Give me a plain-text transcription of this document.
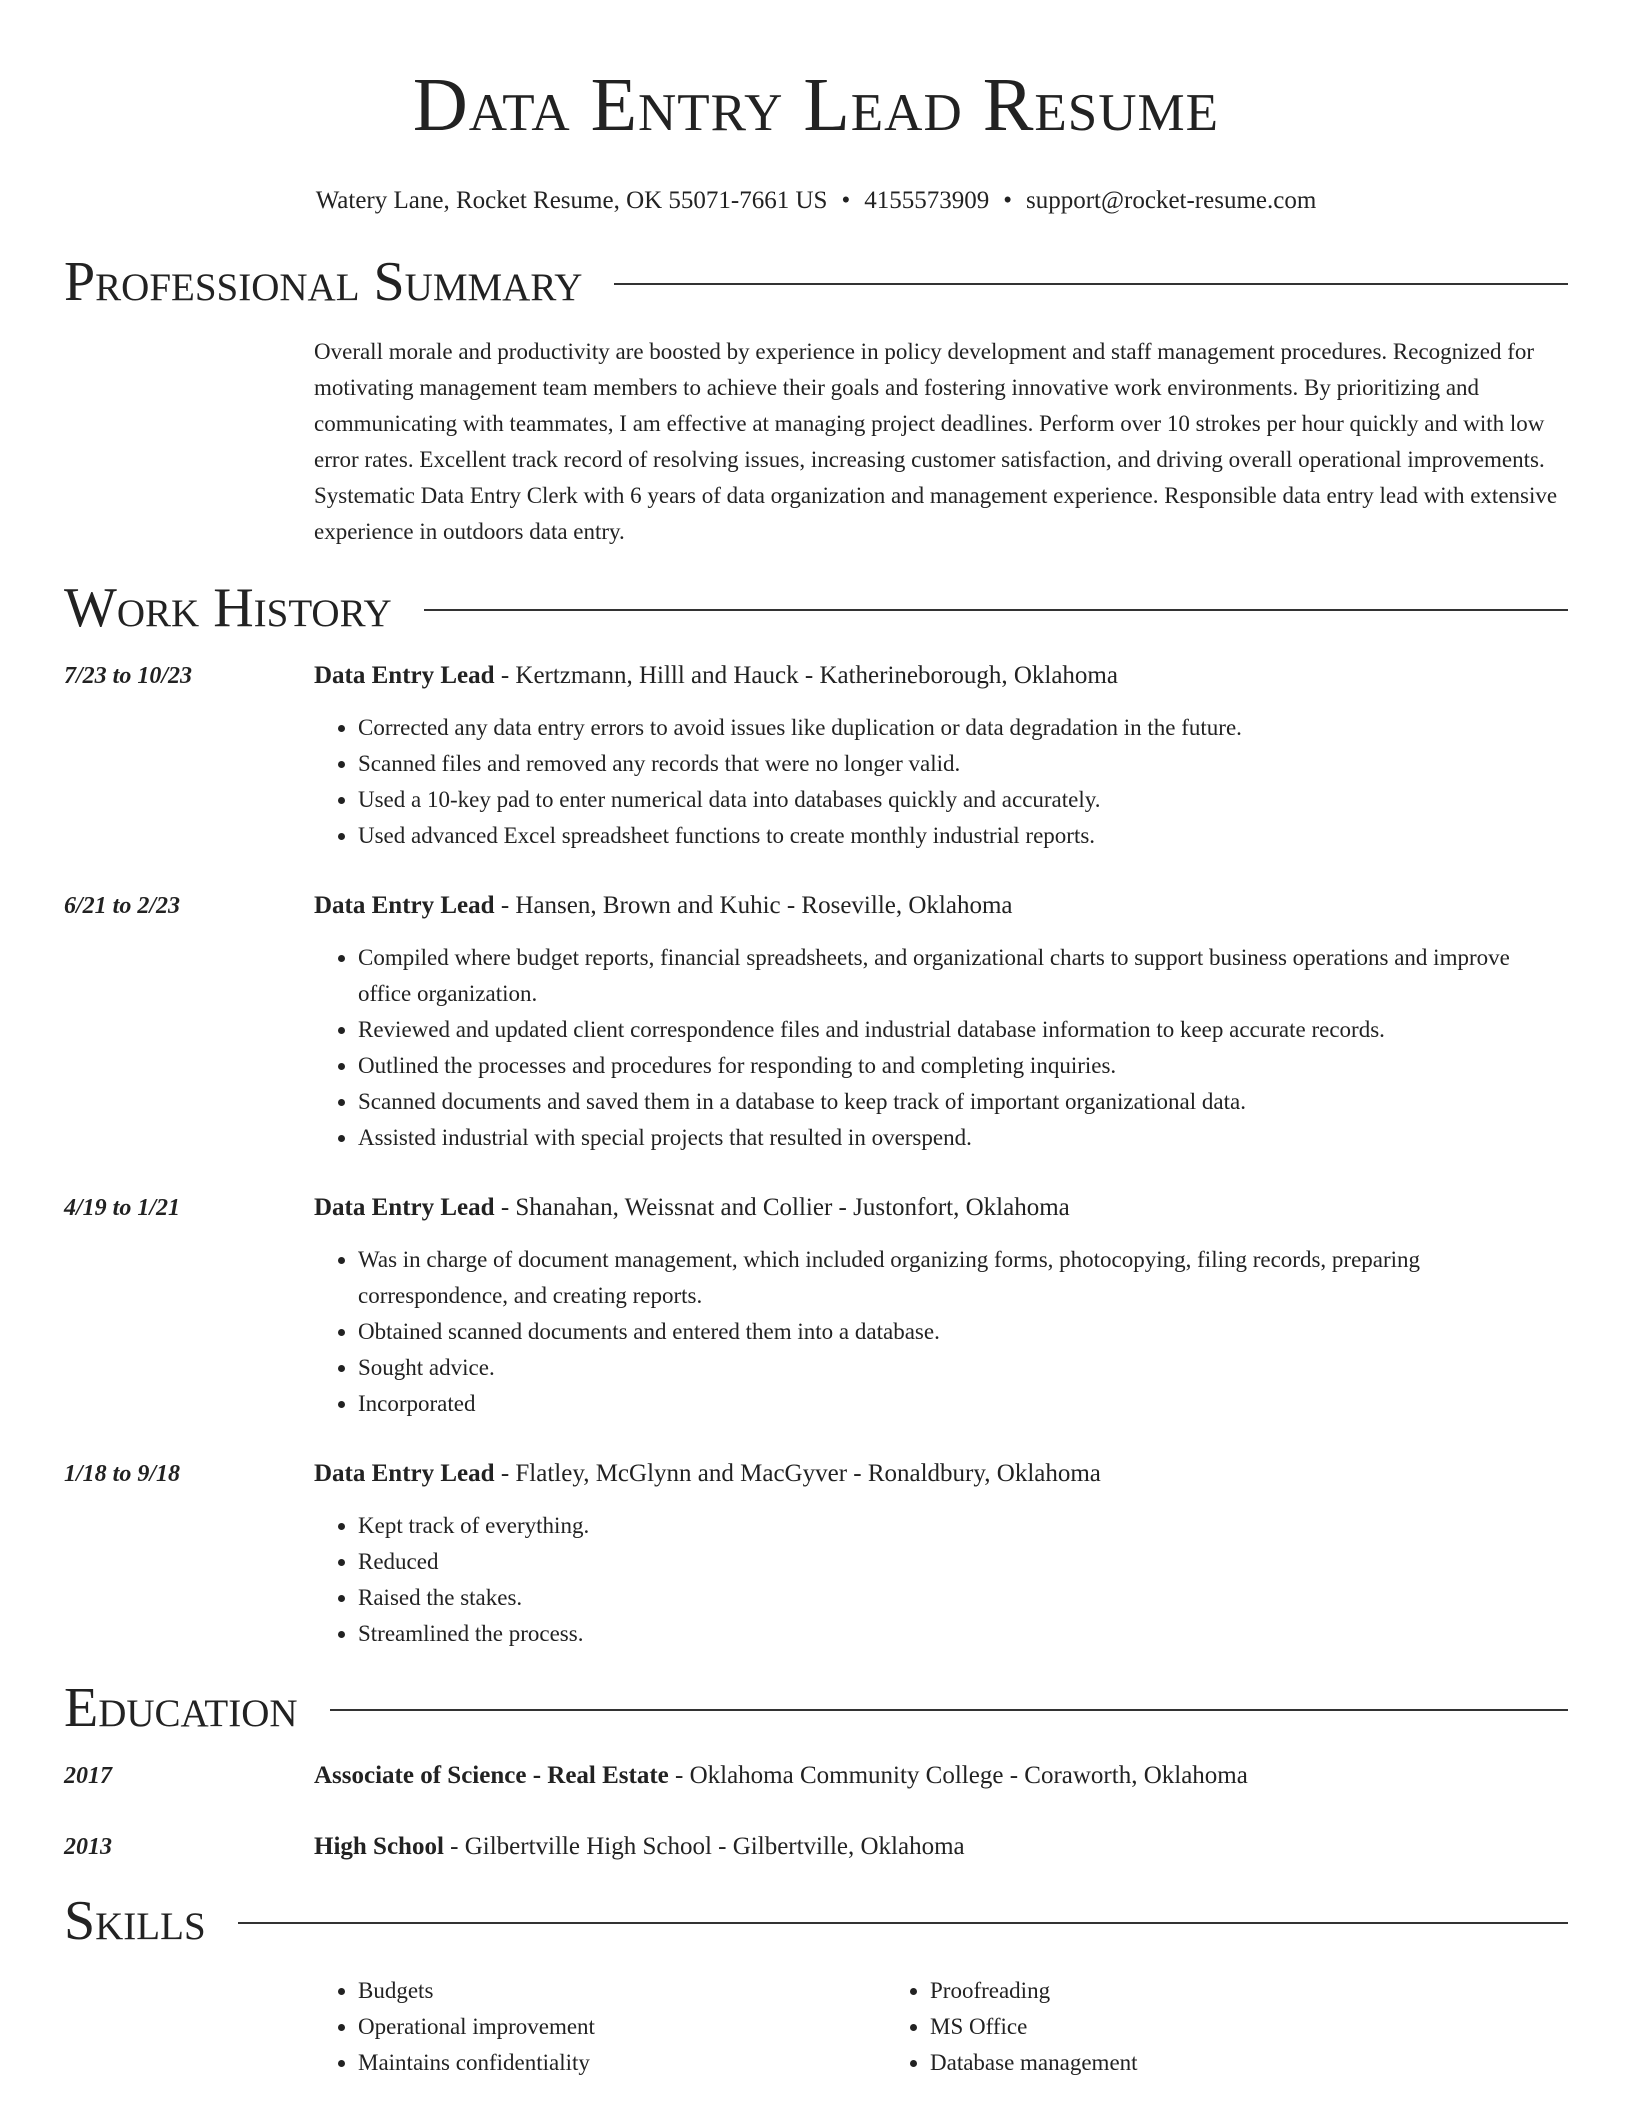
Data Entry Lead Resume
Watery Lane, Rocket Resume, OK 55071-7661 US • 4155573909 • support@rocket-resume.com
Professional Summary
Overall morale and productivity are boosted by experience in policy development and staff management procedures. Recognized for motivating management team members to achieve their goals and fostering innovative work environments. By prioritizing and communicating with teammates, I am effective at managing project deadlines. Perform over 10 strokes per hour quickly and with low error rates. Excellent track record of resolving issues, increasing customer satisfaction, and driving overall operational improvements. Systematic Data Entry Clerk with 6 years of data organization and management experience. Responsible data entry lead with extensive experience in outdoors data entry.
Work History
7/23 to 10/23	Data Entry Lead - Kertzmann, Hilll and Hauck - Katherineborough, Oklahoma
• Corrected any data entry errors to avoid issues like duplication or data degradation in the future.
• Scanned files and removed any records that were no longer valid.
• Used a 10-key pad to enter numerical data into databases quickly and accurately.
• Used advanced Excel spreadsheet functions to create monthly industrial reports.
6/21 to 2/23	Data Entry Lead - Hansen, Brown and Kuhic - Roseville, Oklahoma
• Compiled where budget reports, financial spreadsheets, and organizational charts to support business operations and improve office organization.
• Reviewed and updated client correspondence files and industrial database information to keep accurate records.
• Outlined the processes and procedures for responding to and completing inquiries.
• Scanned documents and saved them in a database to keep track of important organizational data.
• Assisted industrial with special projects that resulted in overspend.
4/19 to 1/21	Data Entry Lead - Shanahan, Weissnat and Collier - Justonfort, Oklahoma
• Was in charge of document management, which included organizing forms, photocopying, filing records, preparing correspondence, and creating reports.
• Obtained scanned documents and entered them into a database.
• Sought advice.
• Incorporated
1/18 to 9/18	Data Entry Lead - Flatley, McGlynn and MacGyver - Ronaldbury, Oklahoma
• Kept track of everything.
• Reduced
• Raised the stakes.
• Streamlined the process.
Education
2017	Associate of Science - Real Estate - Oklahoma Community College - Coraworth, Oklahoma
2013	High School - Gilbertville High School - Gilbertville, Oklahoma
Skills
• Budgets
• Operational improvement
• Maintains confidentiality
• Proofreading
• MS Office
• Database management
